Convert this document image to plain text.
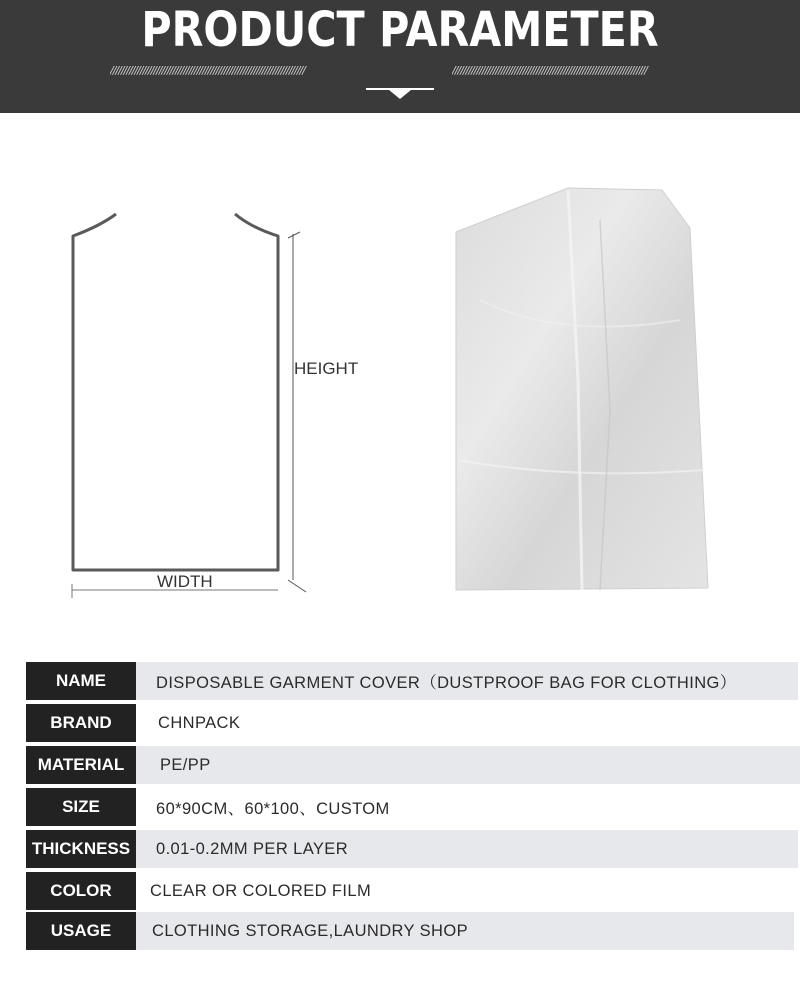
PRODUCT PARAMETER
////////////////////////////////////////////////////////////////////////	////////////////////////////////////////////////////////////////////////
HEIGHT
WIDTH
NAME	DISPOSABLE GARMENT COVER（DUSTPROOF BAG FOR CLOTHING）
BRAND	CHNPACK
MATERIAL	PE/PP
SIZE	60*90CM、60*100、CUSTOM
THICKNESS	0.01-0.2MM PER LAYER
COLOR	CLEAR OR COLORED FILM
USAGE	CLOTHING STORAGE,LAUNDRY SHOP
